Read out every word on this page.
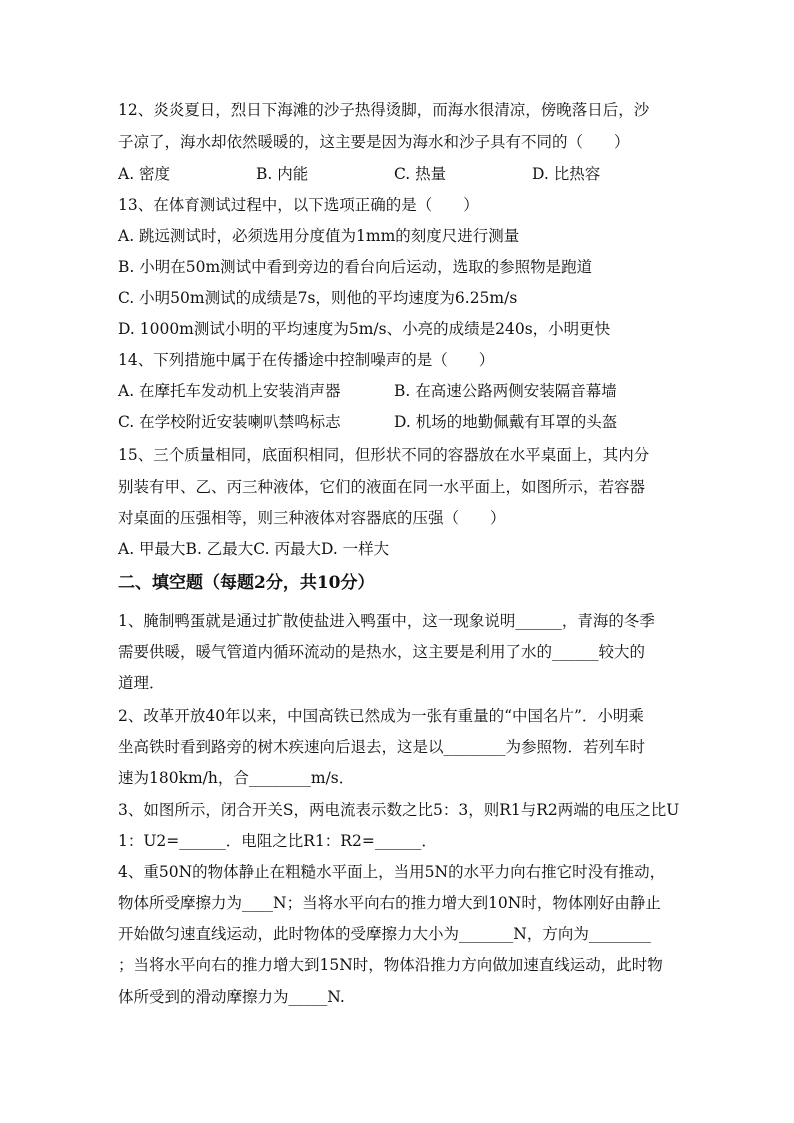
12、炎炎夏日，烈日下海滩的沙子热得烫脚，而海水很清凉，傍晚落日后，沙
子凉了，海水却依然暖暖的，这主要是因为海水和沙子具有不同的（　　）
A. 密度	B. 内能	C. 热量	D. 比热容
13、在体育测试过程中，以下选项正确的是（　　）
A. 跳远测试时，必须选用分度值为1mm的刻度尺进行测量
B. 小明在50m测试中看到旁边的看台向后运动，选取的参照物是跑道
C. 小明50m测试的成绩是7s，则他的平均速度为6.25m/s
D. 1000m测试小明的平均速度为5m/s、小亮的成绩是240s，小明更快
14、下列措施中属于在传播途中控制噪声的是（　　）
A. 在摩托车发动机上安装消声器	B. 在高速公路两侧安装隔音幕墙
C. 在学校附近安装喇叭禁鸣标志	D. 机场的地勤佩戴有耳罩的头盔
15、三个质量相同，底面积相同，但形状不同的容器放在水平桌面上，其内分
别装有甲、乙、丙三种液体，它们的液面在同一水平面上，如图所示，若容器
对桌面的压强相等，则三种液体对容器底的压强（　　）
A. 甲最大B. 乙最大C. 丙最大D. 一样大
二、填空题（每题2分，共10分）
1、腌制鸭蛋就是通过扩散使盐进入鸭蛋中，这一现象说明______，青海的冬季
需要供暖，暖气管道内循环流动的是热水，这主要是利用了水的______较大的
道理．
2、改革开放40年以来，中国高铁已然成为一张有重量的“中国名片”．小明乘
坐高铁时看到路旁的树木疾速向后退去，这是以________为参照物．若列车时
速为180km/h，合________m/s．
3、如图所示，闭合开关S，两电流表示数之比5：3，则R1与R2两端的电压之比U
1：U2=______．电阻之比R1：R2=______．
4、重50N的物体静止在粗糙水平面上，当用5N的水平力向右推它时没有推动，
物体所受摩擦力为____N；当将水平向右的推力增大到10N时，物体刚好由静止
开始做匀速直线运动，此时物体的受摩擦力大小为_______N，方向为________
；当将水平向右的推力增大到15N时，物体沿推力方向做加速直线运动，此时物
体所受到的滑动摩擦力为_____N.
